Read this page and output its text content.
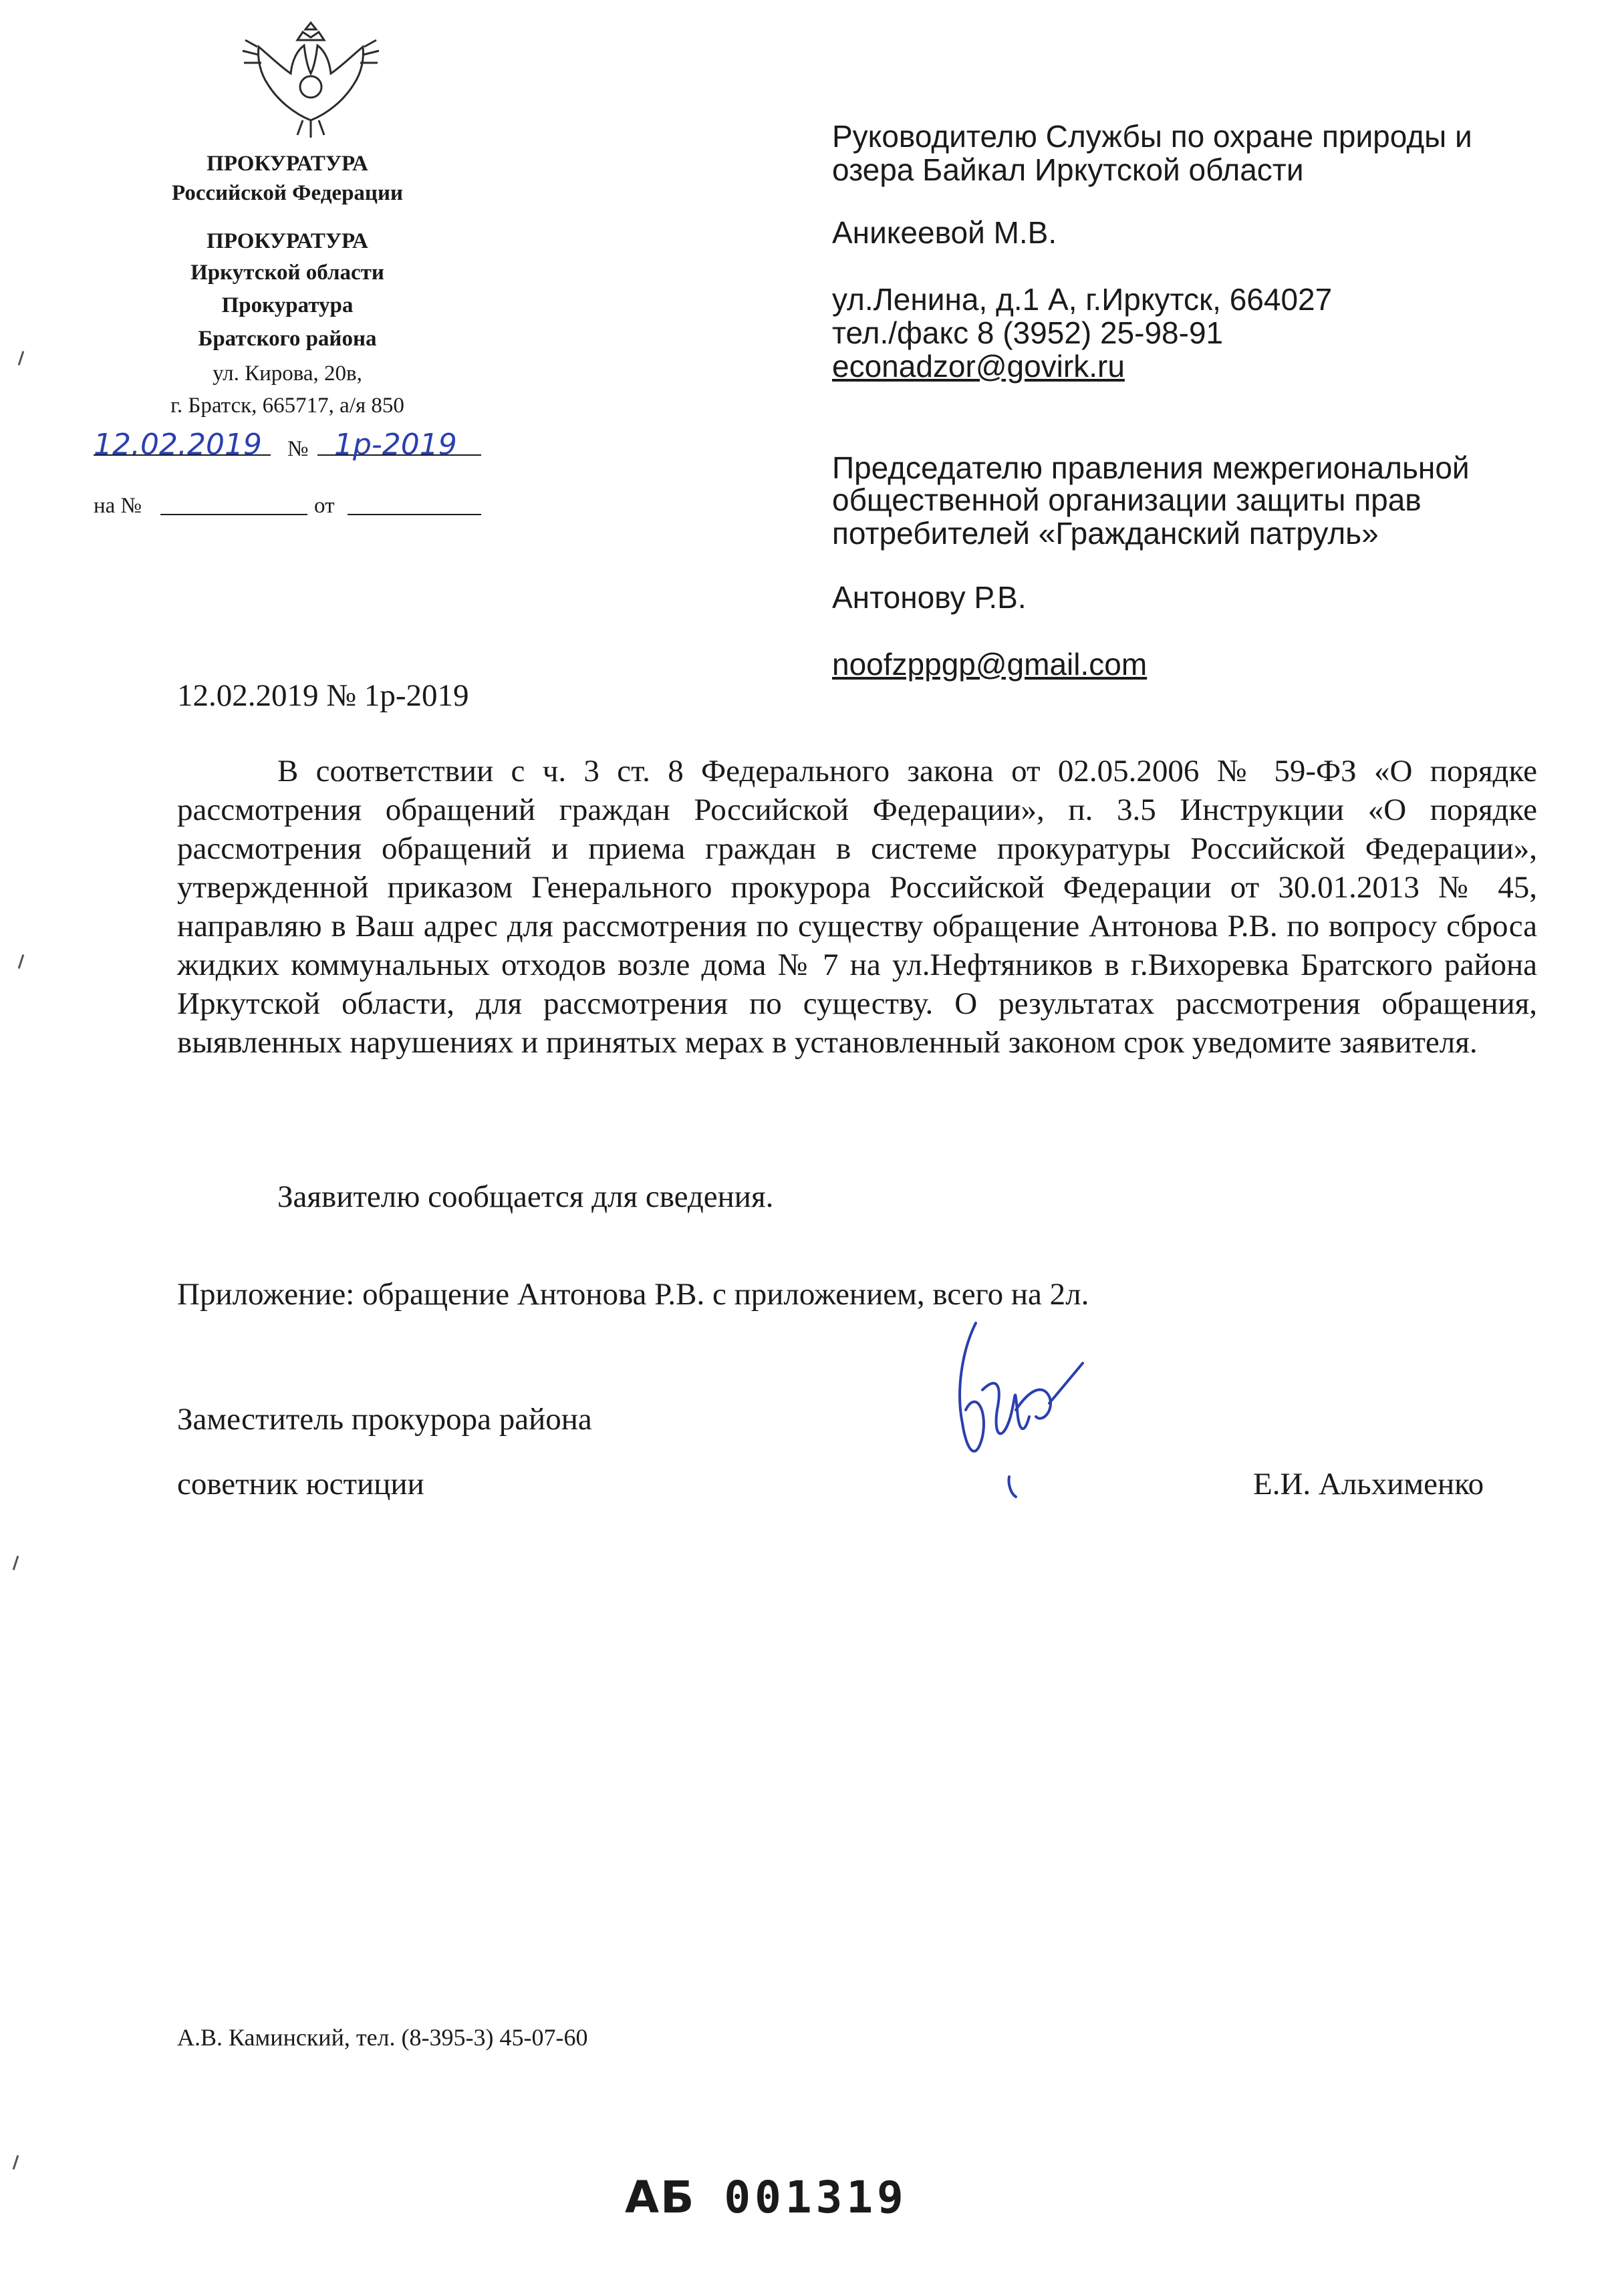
ПРОКУРАТУРА
Российской Федерации
ПРОКУРАТУРА
Иркутской области
Прокуратура
Братского района
ул. Кирова, 20в,
г. Братск, 665717, а/я 850
12.02.2019 № 1р-2019
на №	от
Руководителю Службы по охране природы и
озера Байкал Иркутской области
Аникеевой М.В.
ул.Ленина, д.1 А, г.Иркутск, 664027
тел./факс 8 (3952) 25-98-91
econadzor@govirk.ru
Председателю правления межрегиональной
общественной организации защиты прав
потребителей «Гражданский патруль»
Антонову Р.В.
noofzppgp@gmail.com
12.02.2019 № 1р-2019
В соответствии с ч. 3 ст. 8 Федерального закона от 02.05.2006 № 59-ФЗ «О порядке рассмотрения обращений граждан Российской Федерации», п. 3.5 Инструкции «О порядке рассмотрения обращений и приема граждан в системе прокуратуры Российской Федерации», утвержденной приказом Генерального прокурора Российской Федерации от 30.01.2013 № 45, направляю в Ваш адрес для рассмотрения по существу обращение Антонова Р.В. по вопросу сброса жидких коммунальных отходов возле дома № 7 на ул.Нефтяников в г.Вихоревка Братского района Иркутской области, для рассмотрения по существу. О результатах рассмотрения обращения, выявленных нарушениях и принятых мерах в установленный законом срок уведомите заявителя.
Заявителю сообщается для сведения.
Приложение: обращение Антонова Р.В. с приложением, всего на 2л.
Заместитель прокурора района
советник юстиции	Е.И. Альхименко
А.В. Каминский, тел. (8-395-3) 45-07-60
АБ 001319
